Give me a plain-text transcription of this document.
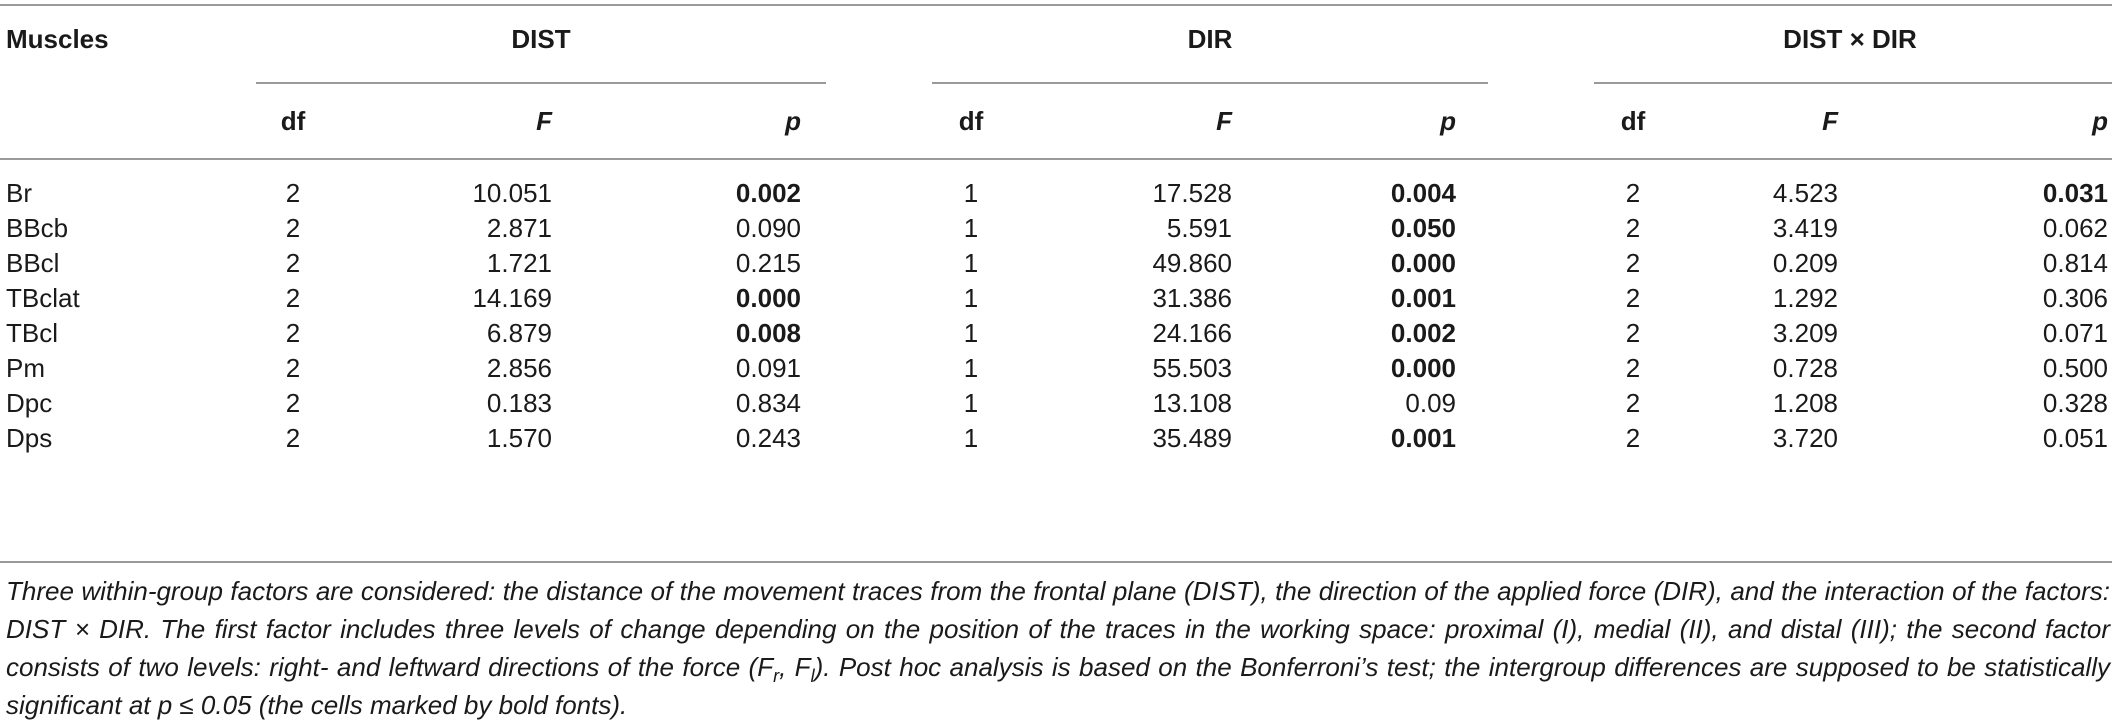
Muscles	DIST	DIR	DIST × DIR
df	F	p	df	F	p	df	F	p
Br	2	10.051	0.002	1	17.528	0.004	2	4.523	0.031
BBcb	2	2.871	0.090	1	5.591	0.050	2	3.419	0.062
BBcl	2	1.721	0.215	1	49.860	0.000	2	0.209	0.814
TBclat	2	14.169	0.000	1	31.386	0.001	2	1.292	0.306
TBcl	2	6.879	0.008	1	24.166	0.002	2	3.209	0.071
Pm	2	2.856	0.091	1	55.503	0.000	2	0.728	0.500
Dpc	2	0.183	0.834	1	13.108	0.09	2	1.208	0.328
Dps	2	1.570	0.243	1	35.489	0.001	2	3.720	0.051
Three within-group factors are considered: the distance of the movement traces from the frontal plane (DIST), the direction of the applied force (DIR), and the interaction of the factors: DIST × DIR. The first factor includes three levels of change depending on the position of the traces in the working space: proximal (I), medial (II), and distal (III); the second factor consists of two levels: right- and leftward directions of the force ($F_r$, $F_l$). Post hoc analysis is based on the Bonferroni’s test; the intergroup differences are supposed to be statistically significant at p ≤ 0.05 (the cells marked by bold fonts).
